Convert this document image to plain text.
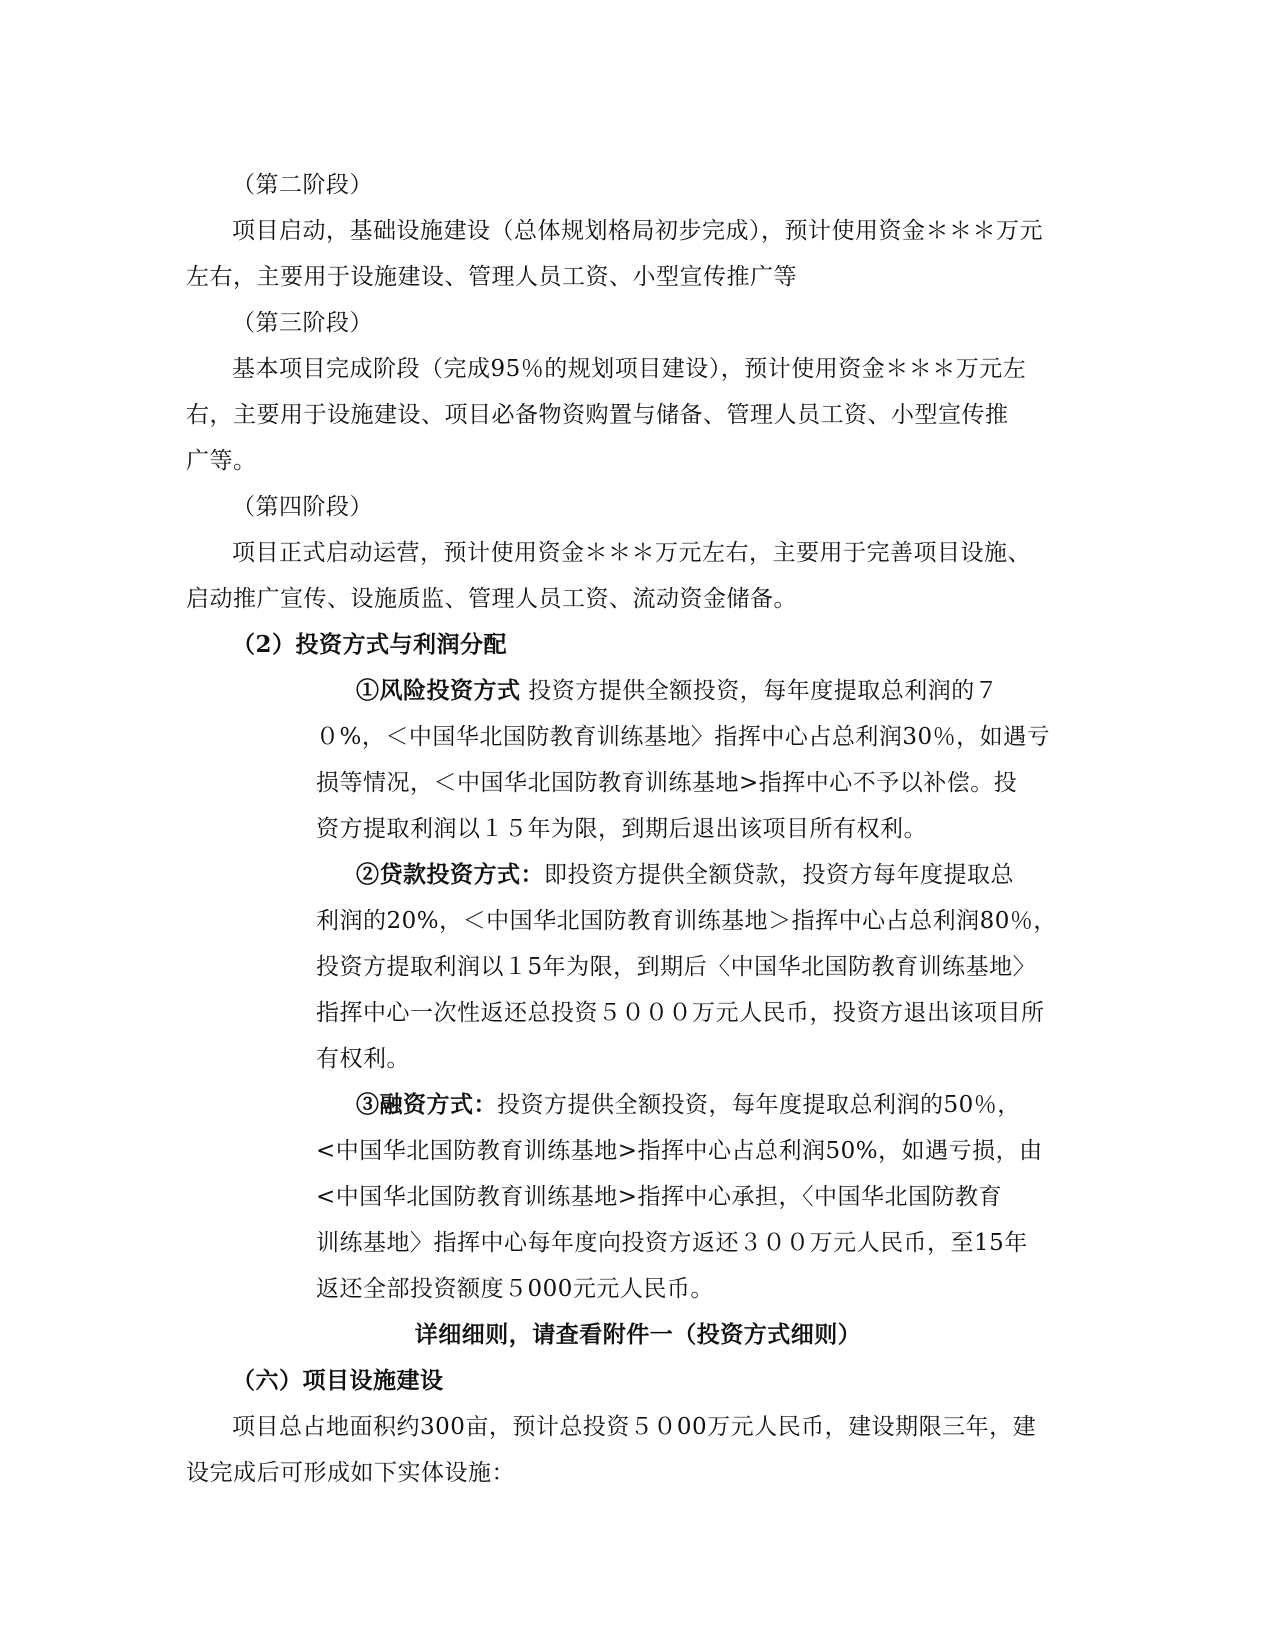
（第二阶段）
项目启动，基础设施建设（总体规划格局初步完成），预计使用资金＊＊＊万元
左右，主要用于设施建设、管理人员工资、小型宣传推广等
（第三阶段）
基本项目完成阶段（完成95％的规划项目建设），预计使用资金＊＊＊万元左
右，主要用于设施建设、项目必备物资购置与储备、管理人员工资、小型宣传推
广等。
（第四阶段）
项目正式启动运营，预计使用资金＊＊＊万元左右，主要用于完善项目设施、
启动推广宣传、设施质监、管理人员工资、流动资金储备。
（2）投资方式与利润分配
①风险投资方式 投资方提供全额投资，每年度提取总利润的７
０%，＜中国华北国防教育训练基地〉指挥中心占总利润30％，如遇亏
损等情况，＜中国华北国防教育训练基地>指挥中心不予以补偿。投
资方提取利润以１５年为限，到期后退出该项目所有权利。
②贷款投资方式：即投资方提供全额贷款，投资方每年度提取总
利润的20%，＜中国华北国防教育训练基地＞指挥中心占总利润80％，
投资方提取利润以１5年为限，到期后〈中国华北国防教育训练基地〉
指挥中心一次性返还总投资５０００万元人民币，投资方退出该项目所
有权利。
③融资方式：投资方提供全额投资，每年度提取总利润的50％，
<中国华北国防教育训练基地>指挥中心占总利润50%，如遇亏损，由
<中国华北国防教育训练基地>指挥中心承担，〈中国华北国防教育
训练基地〉指挥中心每年度向投资方返还３００万元人民币，至15年
返还全部投资额度５000元元人民币。
详细细则，请查看附件一（投资方式细则）
（六）项目设施建设
项目总占地面积约300亩，预计总投资５０00万元人民币，建设期限三年，建
设完成后可形成如下实体设施：
